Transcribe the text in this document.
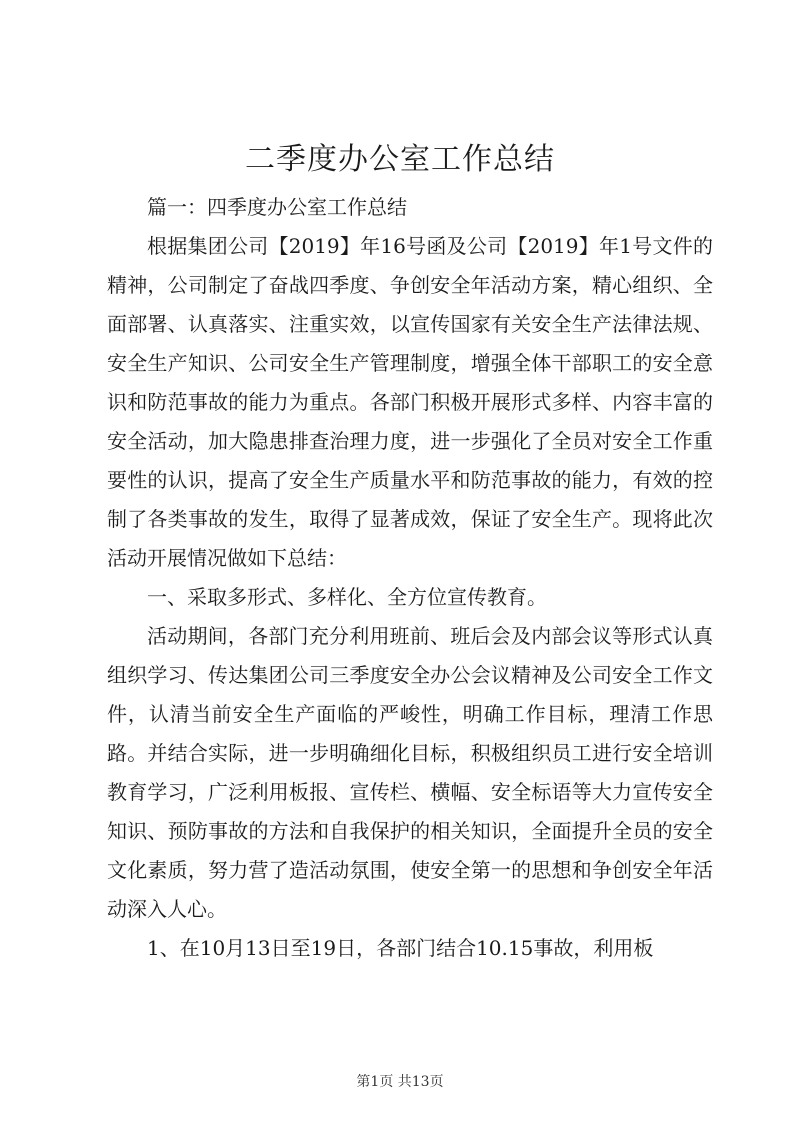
二季度办公室工作总结

篇一：四季度办公室工作总结

根据集团公司【2019】年16号函及公司【2019】年1号文件的精神，公司制定了奋战四季度、争创安全年活动方案，精心组织、全面部署、认真落实、注重实效，以宣传国家有关安全生产法律法规、安全生产知识、公司安全生产管理制度，增强全体干部职工的安全意识和防范事故的能力为重点。各部门积极开展形式多样、内容丰富的安全活动，加大隐患排查治理力度，进一步强化了全员对安全工作重要性的认识，提高了安全生产质量水平和防范事故的能力，有效的控制了各类事故的发生，取得了显著成效，保证了安全生产。现将此次活动开展情况做如下总结：

一、采取多形式、多样化、全方位宣传教育。

活动期间，各部门充分利用班前、班后会及内部会议等形式认真组织学习、传达集团公司三季度安全办公会议精神及公司安全工作文件，认清当前安全生产面临的严峻性，明确工作目标，理清工作思路。并结合实际，进一步明确细化目标，积极组织员工进行安全培训教育学习，广泛利用板报、宣传栏、横幅、安全标语等大力宣传安全知识、预防事故的方法和自我保护的相关知识，全面提升全员的安全文化素质，努力营了造活动氛围，使安全第一的思想和争创安全年活动深入人心。

1、在10月13日至19日，各部门结合10.15事故，利用板

第1页 共13页
